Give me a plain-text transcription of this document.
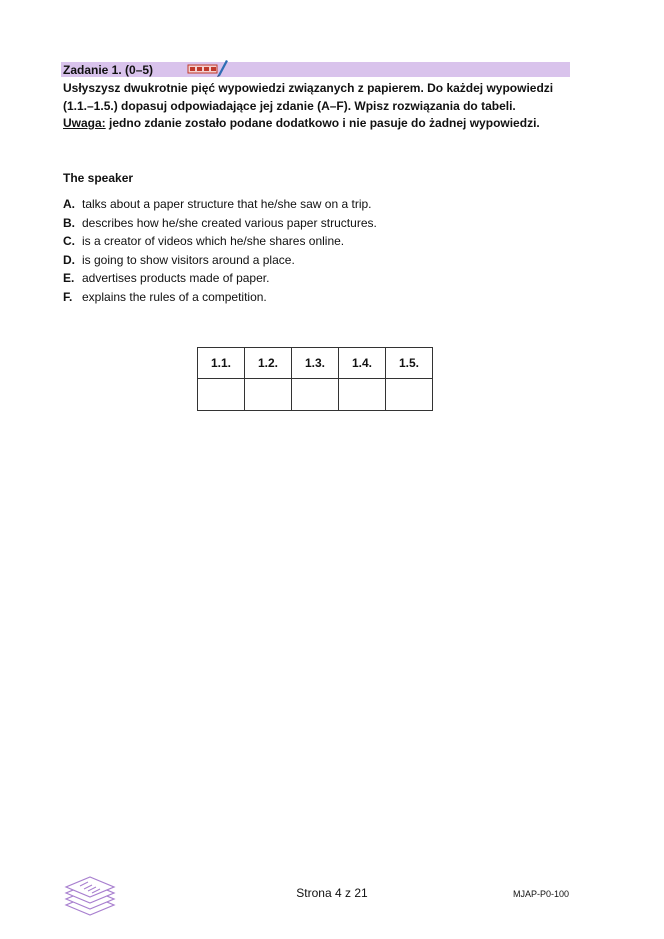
Zadanie 1. (0–5)

Usłyszysz dwukrotnie pięć wypowiedzi związanych z papierem. Do każdej wypowiedzi (1.1.–1.5.) dopasuj odpowiadające jej zdanie (A–F). Wpisz rozwiązania do tabeli.

Uwaga: jedno zdanie zostało podane dodatkowo i nie pasuje do żadnej wypowiedzi.

The speaker
A. talks about a paper structure that he/she saw on a trip.
B. describes how he/she created various paper structures.
C. is a creator of videos which he/she shares online.
D. is going to show visitors around a place.
E. advertises products made of paper.
F. explains the rules of a competition.
1.1.	1.2.	1.3.	1.4.	1.5.

Strona 4 z 21	MJAP-P0-100
